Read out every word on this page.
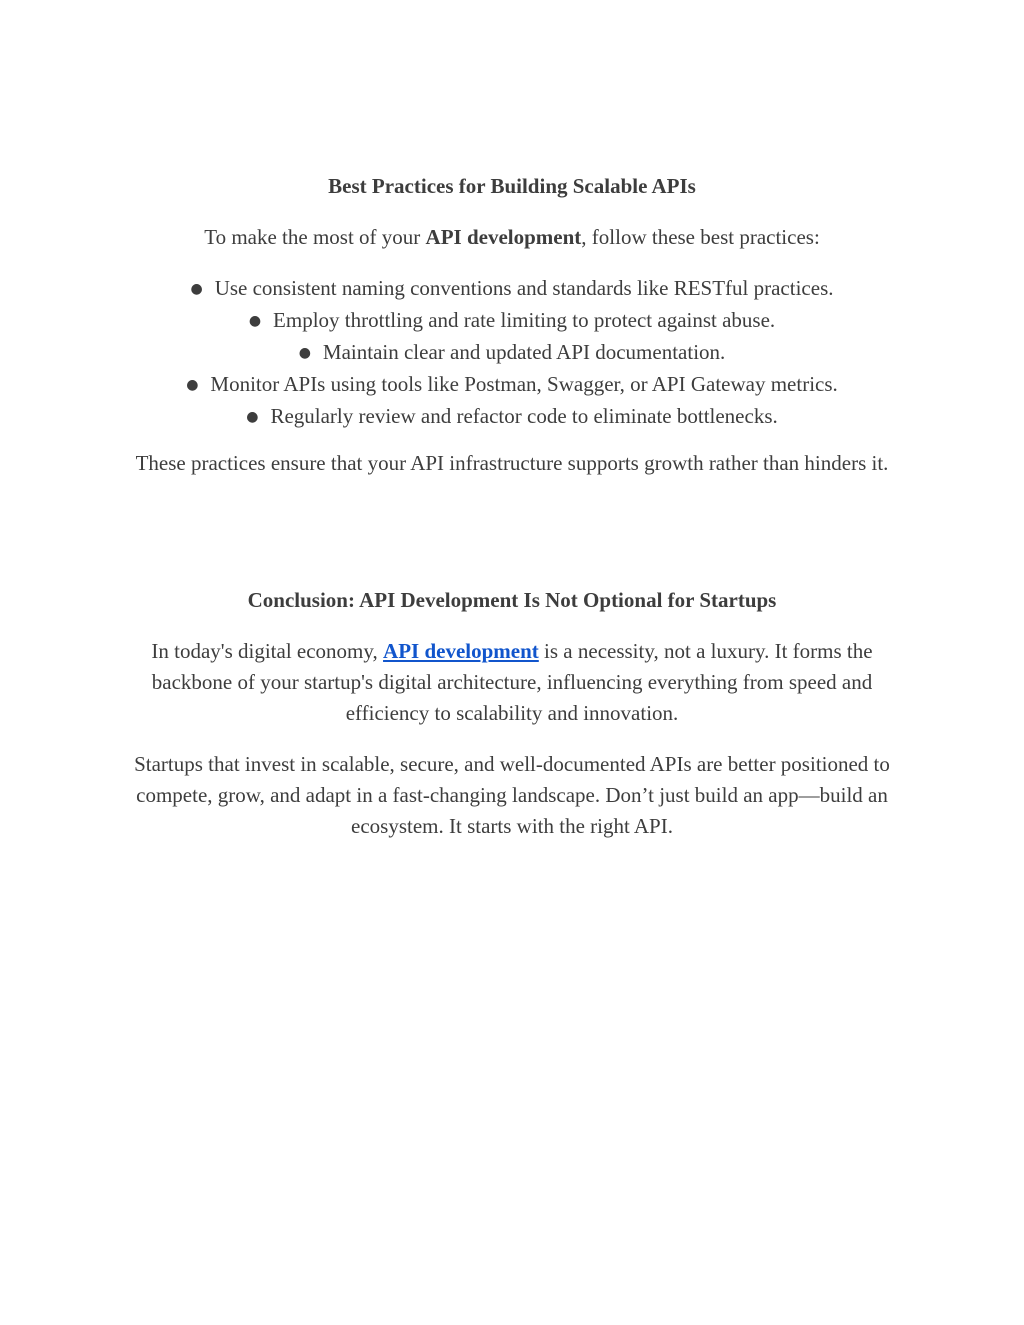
Best Practices for Building Scalable APIs

To make the most of your API development, follow these best practices:

● Use consistent naming conventions and standards like RESTful practices.
● Employ throttling and rate limiting to protect against abuse.
● Maintain clear and updated API documentation.
● Monitor APIs using tools like Postman, Swagger, or API Gateway metrics.
● Regularly review and refactor code to eliminate bottlenecks.

These practices ensure that your API infrastructure supports growth rather than hinders it.

Conclusion: API Development Is Not Optional for Startups

In today's digital economy, API development is a necessity, not a luxury. It forms the backbone of your startup's digital architecture, influencing everything from speed and efficiency to scalability and innovation.

Startups that invest in scalable, secure, and well-documented APIs are better positioned to compete, grow, and adapt in a fast-changing landscape. Don’t just build an app—build an ecosystem. It starts with the right API.
